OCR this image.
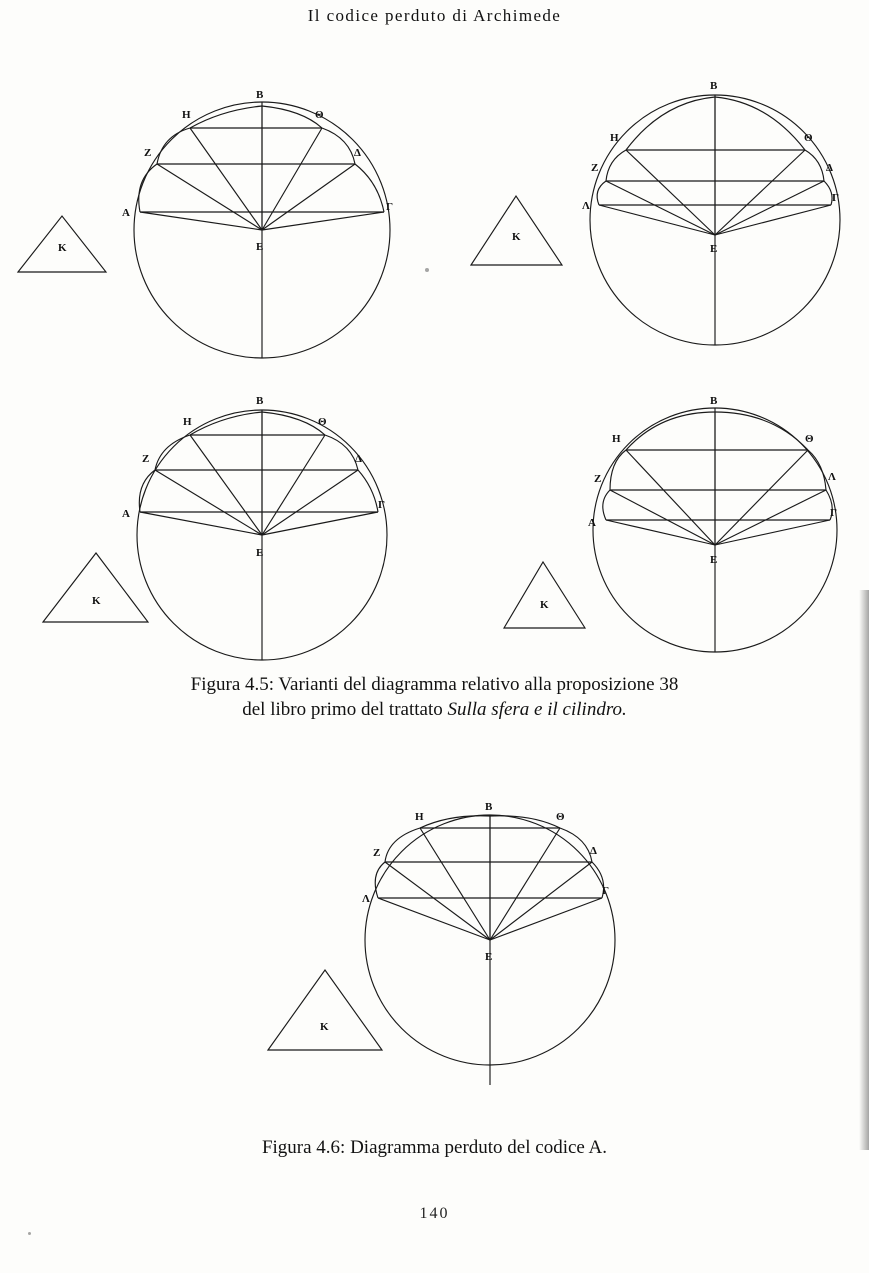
Il codice perduto di Archimede
B
H	Θ
Z	Δ
Α	Γ
E
K
B
H	Θ
Z	Δ
Λ
Γ
E
K
B
H	Θ
Z	Δ
Α
Γ
E
K
B
H	Θ
Z	Λ
Α
Γ
E
K
Figura 4.5: Varianti del diagramma relativo alla proposizione 38
del libro primo del trattato Sulla sfera e il cilindro.
B
H	Θ
Z	Δ
Λ
Γ
E
K
Figura 4.6: Diagramma perduto del codice A.
140
